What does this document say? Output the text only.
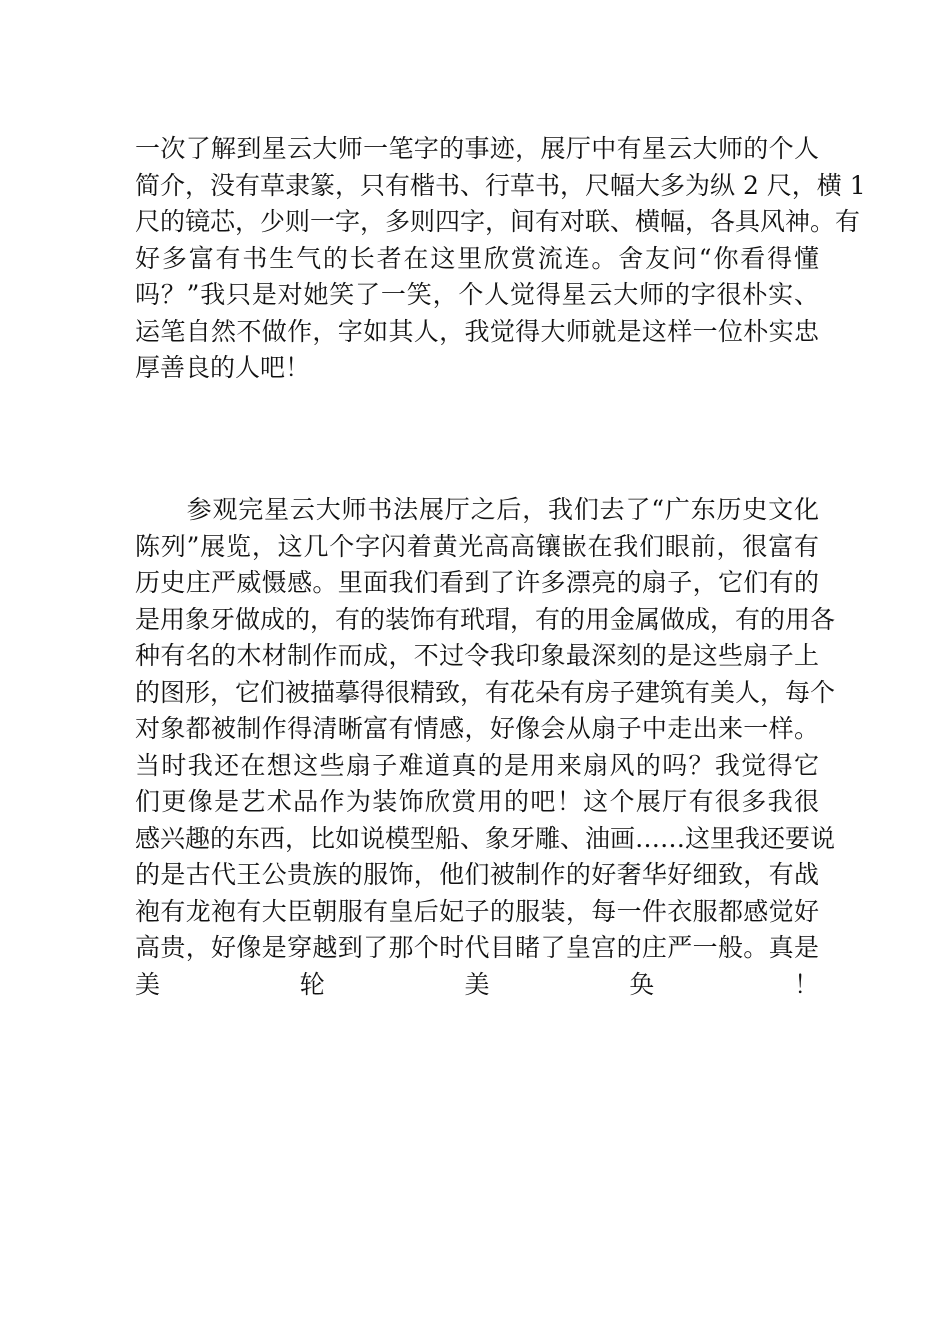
一次了解到星云大师一笔字的事迹，展厅中有星云大师的个人
简介，没有草隶篆，只有楷书、行草书，尺幅大多为纵 2 尺，横 1
尺的镜芯，少则一字，多则四字，间有对联、横幅，各具风神。有
好多富有书生气的长者在这里欣赏流连。舍友问“你看得懂
吗？”我只是对她笑了一笑，个人觉得星云大师的字很朴实、
运笔自然不做作，字如其人，我觉得大师就是这样一位朴实忠
厚善良的人吧！
　　参观完星云大师书法展厅之后，我们去了“广东历史文化
陈列”展览，这几个字闪着黄光高高镶嵌在我们眼前，很富有
历史庄严威慑感。里面我们看到了许多漂亮的扇子，它们有的
是用象牙做成的，有的装饰有玳瑁，有的用金属做成，有的用各
种有名的木材制作而成，不过令我印象最深刻的是这些扇子上
的图形，它们被描摹得很精致，有花朵有房子建筑有美人，每个
对象都被制作得清晰富有情感，好像会从扇子中走出来一样。
当时我还在想这些扇子难道真的是用来扇风的吗？我觉得它
们更像是艺术品作为装饰欣赏用的吧！这个展厅有很多我很
感兴趣的东西，比如说模型船、象牙雕、油画……这里我还要说
的是古代王公贵族的服饰，他们被制作的好奢华好细致，有战
袍有龙袍有大臣朝服有皇后妃子的服装，每一件衣服都感觉好
高贵，好像是穿越到了那个时代目睹了皇宫的庄严一般。真是
美轮美奂！
